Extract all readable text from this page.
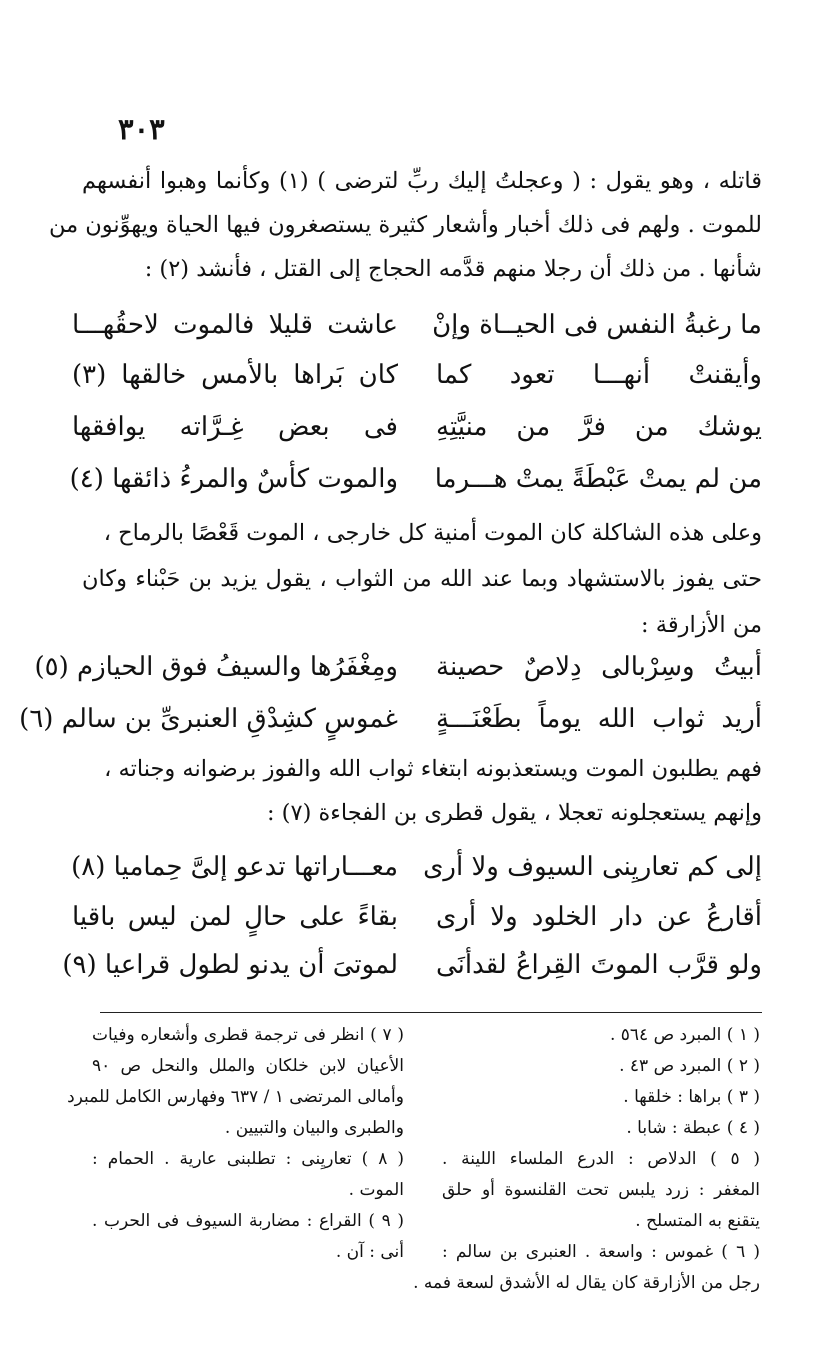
٣٠٣
قاتله ، وهو يقول : ( وعجلتُ إليك ربِّ لترضى ) (١) وكأنما وهبوا أنفسهم
للموت . ولهم فى ذلك أخبار وأشعار كثيرة يستصغرون فيها الحياة ويهوِّنون من
شأنها . من ذلك أن رجلا منهم قدَّمه الحجاج إلى القتل ، فأنشد (٢) :
ما رغبةُ النفس فى الحيــاة وإنْ
عاشت قليلا فالموت لاحقُهـــا
وأيقنتْ أنهـــا تعود كما
كان بَراها بالأمس خالقها (٣)
يوشك من فرَّ من منيَّتِهِ
فى بعض غِـرَّاته يوافقها
من لم يمتْ عَبْطَةً يمتْ هـــرما
والموت كأسٌ والمرءُ ذائقها (٤)
وعلى هذه الشاكلة كان الموت أمنية كل خارجى ، الموت قَعْصًا بالرماح ،
حتى يفوز بالاستشهاد وبما عند الله من الثواب ، يقول يزيد بن حَبْناء وكان
من الأزارقة :
أبيتُ وسِرْبالى دِلاصٌ حصينة
ومِغْفَرُها والسيفُ فوق الحيازم (٥)
أريد ثواب الله يوماً بطَعْنَـــةٍ
غموسٍ كشِدْقِ العنبرىِّ بن سالم (٦)
فهم يطلبون الموت ويستعذبونه ابتغاء ثواب الله والفوز برضوانه وجناته ،
وإنهم يستعجلونه تعجلا ، يقول قطرى بن الفجاءة (٧) :
إلى كم تعاريِنى السيوف ولا أرى
معـــاراتها تدعو إلىَّ حِماميا (٨)
أقارعُ عن دار الخلود ولا أرى
بقاءً على حالٍ لمن ليس باقيا
ولو قرَّب الموتَ القِراعُ لقدأنَى
لموتىَ أن يدنو لطول قراعيا (٩)
( ١ ) المبرد ص ٥٦٤ .
( ٢ ) المبرد ص ٤٣ .
( ٣ ) براها : خلقها .
( ٤ ) عبطة : شابا .
( ٥ ) الدلاص : الدرع الملساء اللينة .
المغفر : زرد يلبس تحت القلنسوة أو حلق
يتقنع به المتسلح .
( ٦ ) غموس : واسعة . العنبرى بن سالم :
رجل من الأزارقة كان يقال له الأشدق لسعة فمه .
( ٧ ) انظر فى ترجمة قطرى وأشعاره وفيات
الأعيان لابن خلكان والملل والنحل ص ٩٠
وأمالى المرتضى ١ / ٦٣٧ وفهارس الكامل للمبرد
والطبرى والبيان والتبيين .
( ٨ ) تعاريِنى : تطلبنى عارية . الحمام :
الموت .
( ٩ ) القراع : مضاربة السيوف فى الحرب .
أنى : آن .
